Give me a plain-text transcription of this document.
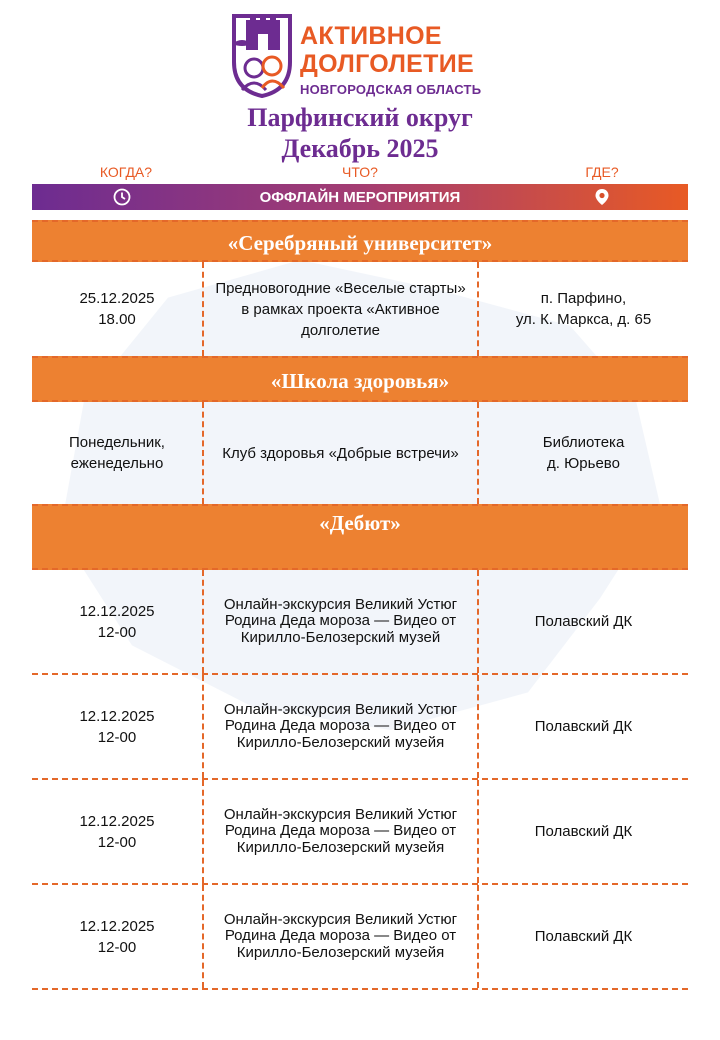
АКТИВНОЕ
ДОЛГОЛЕТИЕ
НОВГОРОДСКАЯ ОБЛАСТЬ
Парфинский округ
Декабрь 2025
КОГДА?	ЧТО?	ГДЕ?
ОФФЛАЙН МЕРОПРИЯТИЯ
«Серебряный университет»
25.12.2025
18.00
Предновогодние «Веселые старты» в рамках проекта «Активное долголетие
п. Парфино,
ул. К. Маркса, д. 65
«Школа здоровья»
Понедельник, еженедельно
Клуб здоровья «Добрые встречи»
Библиотека
д. Юрьево
«Дебют»
12.12.2025
12-00
Онлайн-экскурсия Великий Устюг Родина Деда мороза — Видео от Кирилло-Белозерский музей
Полавский ДК
12.12.2025
12-00
Онлайн-экскурсия Великий Устюг Родина Деда мороза — Видео от Кирилло-Белозерский музейя
Полавский ДК
12.12.2025
12-00
Онлайн-экскурсия Великий Устюг Родина Деда мороза — Видео от Кирилло-Белозерский музейя
Полавский ДК
12.12.2025
12-00
Онлайн-экскурсия Великий Устюг Родина Деда мороза — Видео от Кирилло-Белозерский музейя
Полавский ДК
